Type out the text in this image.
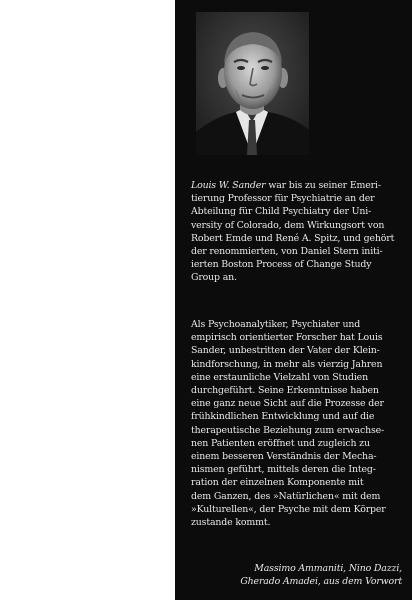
Louis W. Sander war bis zu seiner Emeri-
tierung Professor für Psychiatrie an der
Abteilung für Child Psychiatry der Uni-
versity of Colorado, dem Wirkungsort von
Robert Emde und René A. Spitz, und gehört
der renommierten, von Daniel Stern initi-
ierten Boston Process of Change Study
Group an.
Als Psychoanalytiker, Psychiater und
empirisch orientierter Forscher hat Louis
Sander, unbestritten der Vater der Klein-
kindforschung, in mehr als vierzig Jahren
eine erstaunliche Vielzahl von Studien
durchgeführt. Seine Erkenntnisse haben
eine ganz neue Sicht auf die Prozesse der
frühkindlichen Entwicklung und auf die
therapeutische Beziehung zum erwachse-
nen Patienten eröffnet und zugleich zu
einem besseren Verständnis der Mecha-
nismen geführt, mittels deren die Integ-
ration der einzelnen Komponente mit
dem Ganzen, des »Natürlichen« mit dem
»Kulturellen«, der Psyche mit dem Körper
zustande kommt.
Massimo Ammaniti, Nino Dazzi,
Gherado Amadei, aus dem Vorwort
